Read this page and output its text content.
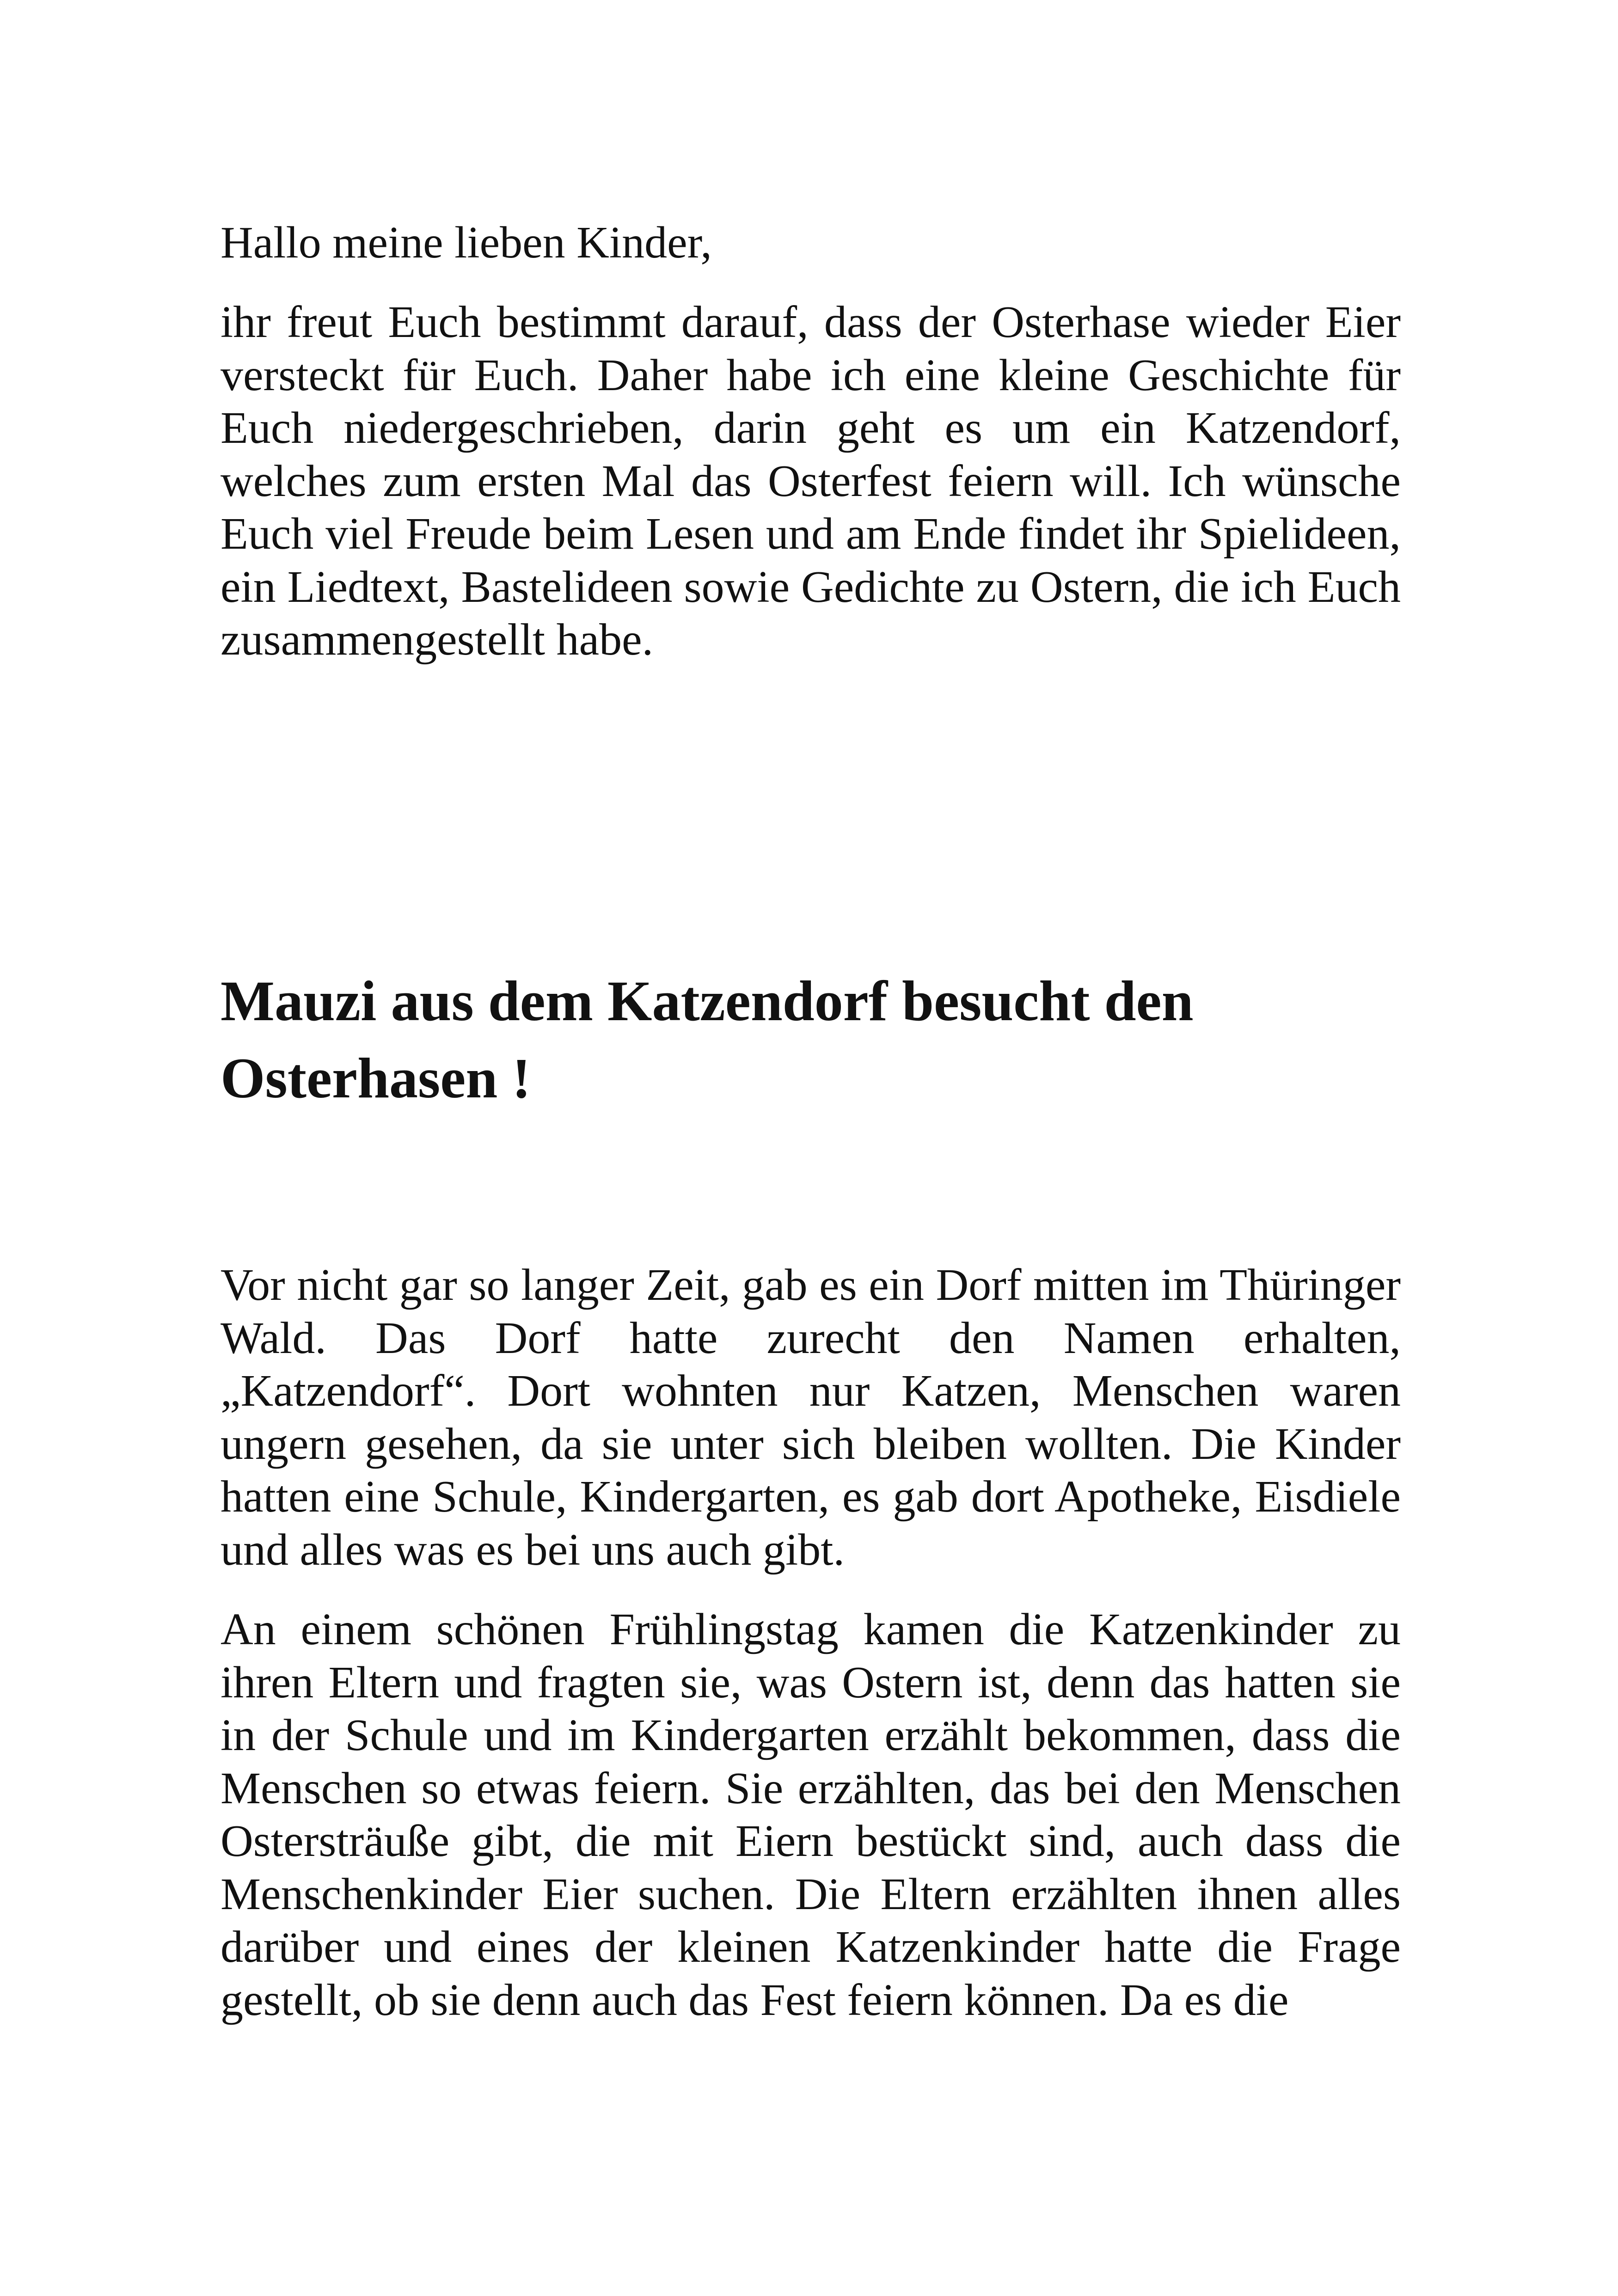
Hallo meine lieben Kinder,

ihr freut Euch bestimmt darauf, dass der Osterhase wieder Eier versteckt für Euch. Daher habe ich eine kleine Geschichte für Euch niedergeschrieben, darin geht es um ein Katzendorf, welches zum ersten Mal das Osterfest feiern will. Ich wünsche Euch viel Freude beim Lesen und am Ende findet ihr Spielideen, ein Liedtext, Bastelideen sowie Gedichte zu Ostern, die ich Euch zusammengestellt habe.

Mauzi aus dem Katzendorf besucht den Osterhasen !

Vor nicht gar so langer Zeit, gab es ein Dorf mitten im Thüringer Wald. Das Dorf hatte zurecht den Namen erhalten, „Katzendorf“. Dort wohnten nur Katzen, Menschen waren ungern gesehen, da sie unter sich bleiben wollten. Die Kinder hatten eine Schule, Kindergarten, es gab dort Apotheke, Eisdiele und alles was es bei uns auch gibt.

An einem schönen Frühlingstag kamen die Katzenkinder zu ihren Eltern und fragten sie, was Ostern ist, denn das hatten sie in der Schule und im Kindergarten erzählt bekommen, dass die Menschen so etwas feiern. Sie erzählten, das bei den Menschen Ostersträuße gibt, die mit Eiern bestückt sind, auch dass die Menschenkinder Eier suchen. Die Eltern erzählten ihnen alles darüber und eines der kleinen Katzenkinder hatte die Frage gestellt, ob sie denn auch das Fest feiern können. Da es die
